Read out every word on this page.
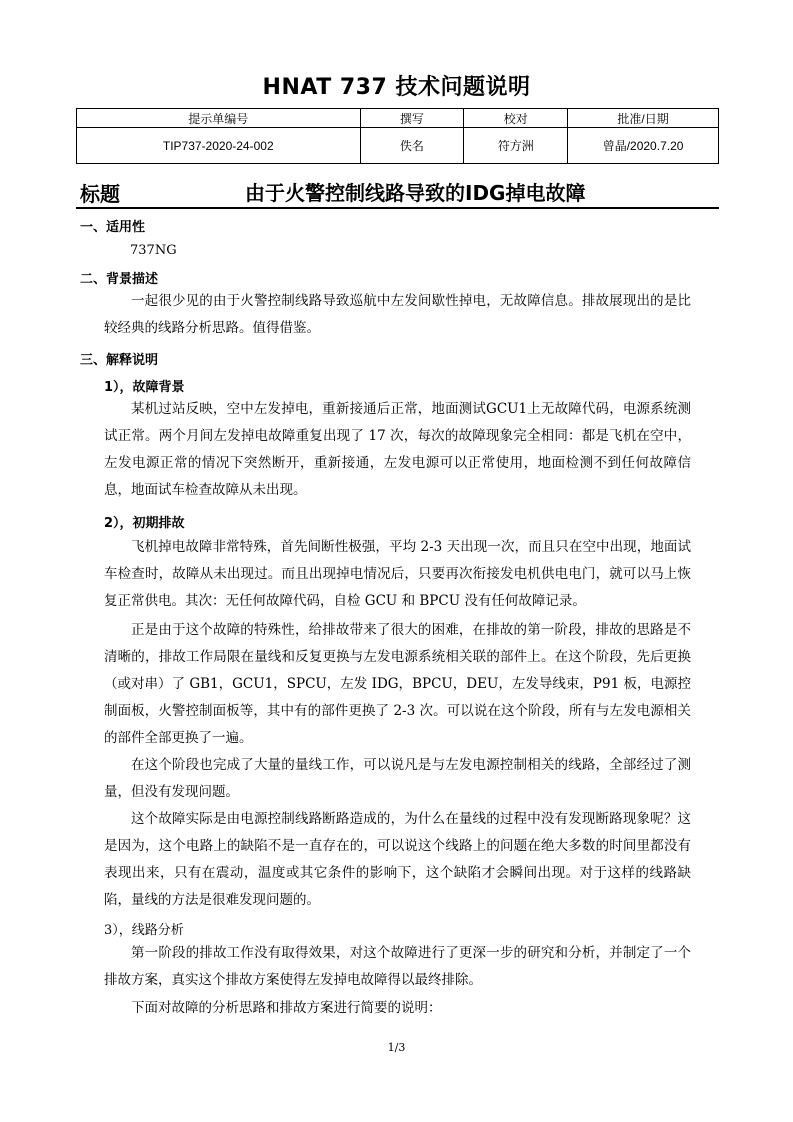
HNAT 737 技术问题说明
提示单编号	撰写	校对	批准/日期
TIP737-2020-24-002	佚名	符方洲	曾晶/2020.7.20
标题	由于火警控制线路导致的IDG掉电故障
一、适用性
737NG
二、背景描述

一起很少见的由于火警控制线路导致巡航中左发间歇性掉电，无故障信息。排故展现出的是比较经典的线路分析思路。值得借鉴。

三、解释说明
1），故障背景

某机过站反映，空中左发掉电，重新接通后正常，地面测试GCU1上无故障代码，电源系统测试正常。两个月间左发掉电故障重复出现了 17 次，每次的故障现象完全相同：都是飞机在空中，左发电源正常的情况下突然断开，重新接通，左发电源可以正常使用，地面检测不到任何故障信息，地面试车检查故障从未出现。

2），初期排故

飞机掉电故障非常特殊，首先间断性极强，平均 2-3 天出现一次，而且只在空中出现，地面试车检查时，故障从未出现过。而且出现掉电情况后，只要再次衔接发电机供电电门，就可以马上恢复正常供电。其次：无任何故障代码，自检 GCU 和 BPCU 没有任何故障记录。

正是由于这个故障的特殊性，给排故带来了很大的困难，在排故的第一阶段，排故的思路是不清晰的，排故工作局限在量线和反复更换与左发电源系统相关联的部件上。在这个阶段，先后更换（或对串）了 GB1，GCU1，SPCU，左发 IDG，BPCU，DEU，左发导线束，P91 板，电源控制面板，火警控制面板等，其中有的部件更换了 2-3 次。可以说在这个阶段，所有与左发电源相关的部件全部更换了一遍。

在这个阶段也完成了大量的量线工作，可以说凡是与左发电源控制相关的线路，全部经过了测量，但没有发现问题。

这个故障实际是由电源控制线路断路造成的，为什么在量线的过程中没有发现断路现象呢？这是因为，这个电路上的缺陷不是一直存在的，可以说这个线路上的问题在绝大多数的时间里都没有表现出来，只有在震动，温度或其它条件的影响下，这个缺陷才会瞬间出现。对于这样的线路缺陷，量线的方法是很难发现问题的。

3），线路分析

第一阶段的排故工作没有取得效果，对这个故障进行了更深一步的研究和分析，并制定了一个排故方案，真实这个排故方案使得左发掉电故障得以最终排除。

下面对故障的分析思路和排故方案进行简要的说明：

1/3
